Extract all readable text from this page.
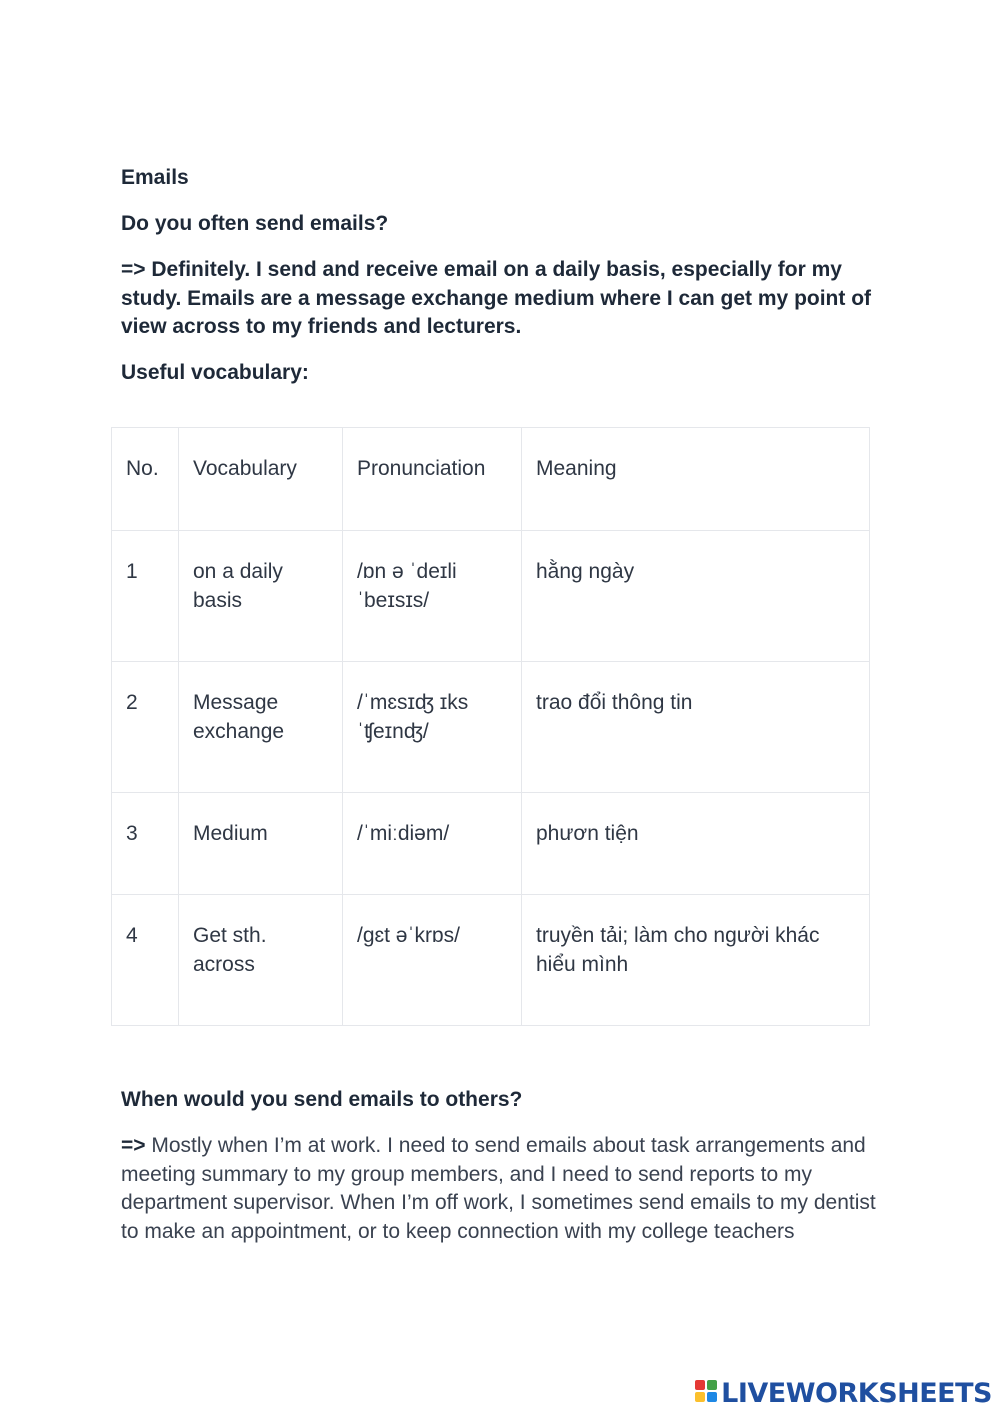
Emails
Do you often send emails?
=> Definitely. I send and receive email on a daily basis, especially for my study. Emails are a message exchange medium where I can get my point of view across to my friends and lecturers.
Useful vocabulary:
No.	Vocabulary	Pronunciation	Meaning
1	on a daily basis	/ɒn ə ˈdeɪli ˈbeɪsɪs/	hằng ngày
2	Message exchange	/ˈmɛsɪʤ ɪksˈʧeɪnʤ/	trao đổi thông tin
3	Medium	/ˈmiːdiəm/	phươn tiện
4	Get sth. across	/gɛt əˈkrɒs/	truyền tải; làm cho người khác hiểu mình
When would you send emails to others?
=> Mostly when I’m at work. I need to send emails about task arrangements and meeting summary to my group members, and I need to send reports to my department supervisor. When I’m off work, I sometimes send emails to my dentist to make an appointment, or to keep connection with my college teachers
LIVEWORKSHEETS
